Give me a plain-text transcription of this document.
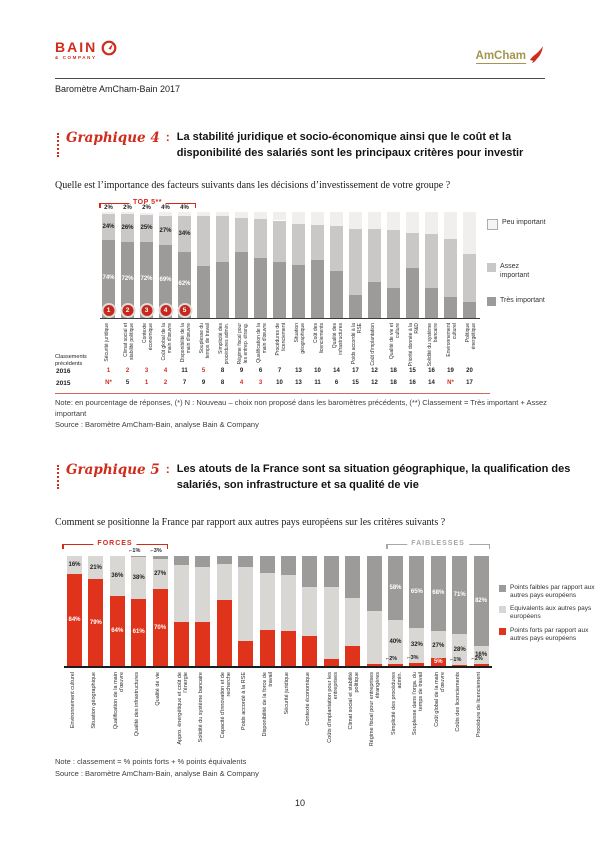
BAIN
& COMPANY	AmCham
Baromètre AmCham-Bain 2017
Graphique 4 : La stabilité juridique et socio-économique ainsi que le coût et la disponibilité des salariés sont les principaux critères pour investir
Quelle est l’importance des facteurs suivants dans les décisions d’investissement de votre groupe ?
TOP 5**
2%
24%
74%
1
2%
26%
72%
2
2%
25%
72%
3
4%
27%
69%
4
4%
34%
62%
5
Peu important
Assez important
Très important
Sécurité juridique	Climat social et stabilité politique Contexte économique Coût global de la main d'œuvre Disponibilité de la main d'œuvre Souplesse du temps de travail Simplicité des procédures admin. Régime fiscal pour les entrep. étrang. Qualification de la main d'œuvre Procédures de licenciement Situation géographique Coût des licenciements Qualité des infrastructures Poids accordé à la RSE Coût d'implantation	Qualité de vie et culture Priorité donnée à la R&D Solidité du système bancaire Environnement culturel Politique énergétique
Classements précédents
2016	1	2	3	4 11 5	8	9	6	7 13 10 14 17 12 18 15 16 19 20
2015	N* 5	1	2	7	9	8	4	3 10 13 11 6 15 12 18 16 14 N* 17
Note: en pourcentage de réponses, (*) N : Nouveau – choix non proposé dans les baromètres précédents, (**) Classement = Très important + Assez important
Source : Baromètre AmCham-Bain, analyse Bain & Company
Graphique 5 : Les atouts de la France sont sa situation géographique, la qualification des salariés, son infrastructure et sa qualité de vie
Comment se positionne la France par rapport aux autres pays européens sur les critères suivants ?
FORCES	FAIBLESSES
16%
84%
21%
79%
36%
64%
38%
61%
⌐1%
27%
70%
⌐3%
58%
40%
⌐2%
65%
32%
⌐3%
68%
27%
5%
71%
28%
⌐1%
82%
16%
⌐2%
Points faibles par rapport aux autres pays européens
Equivalents aux autres pays européens
Points forts par rapport aux autres pays européens
Environnement culturel	Situation géographique	Qualification de la main d'œuvre Qualité des infrastructures	Qualité de vie	Appro. énergétique et coût de l'énergie Solidité du système bancaire	Capacité d'innovation et de recherche Poids accordé à la RSE	Disponibilité de la force de travail Sécurité juridique	Contexte économique	Coûts d'implantation pour les entreprises Climat social et stabilité politique Régime fiscal pour entreprises étrangères Simplicité des procédures admin. Souplesse dans l'orga. du temps de travail Coût global de la main d'œuvre Coûts des licenciements	Procédure de licenciement
Note : classement = % points forts + % points équivalents
Source : Baromètre AmCham-Bain, analyse Bain & Company
10
